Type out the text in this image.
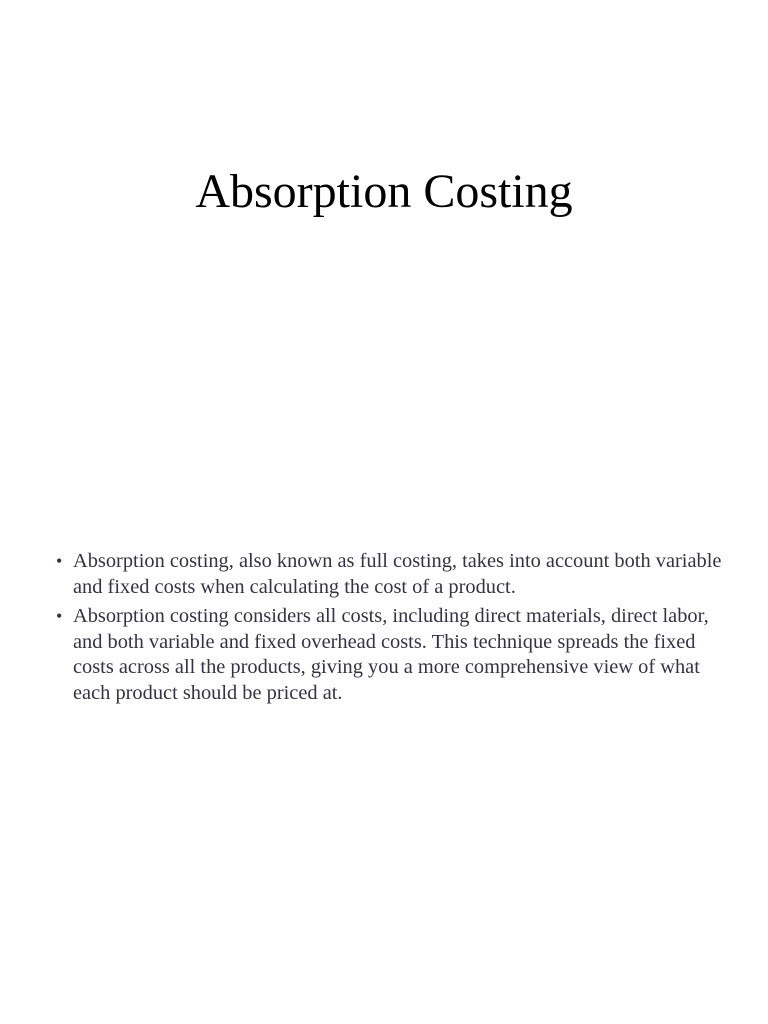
Absorption Costing
• Absorption costing, also known as full costing, takes into account both variable and fixed costs when calculating the cost of a product.
• Absorption costing considers all costs, including direct materials, direct labor, and both variable and fixed overhead costs. This technique spreads the fixed costs across all the products, giving you a more comprehensive view of what each product should be priced at.
